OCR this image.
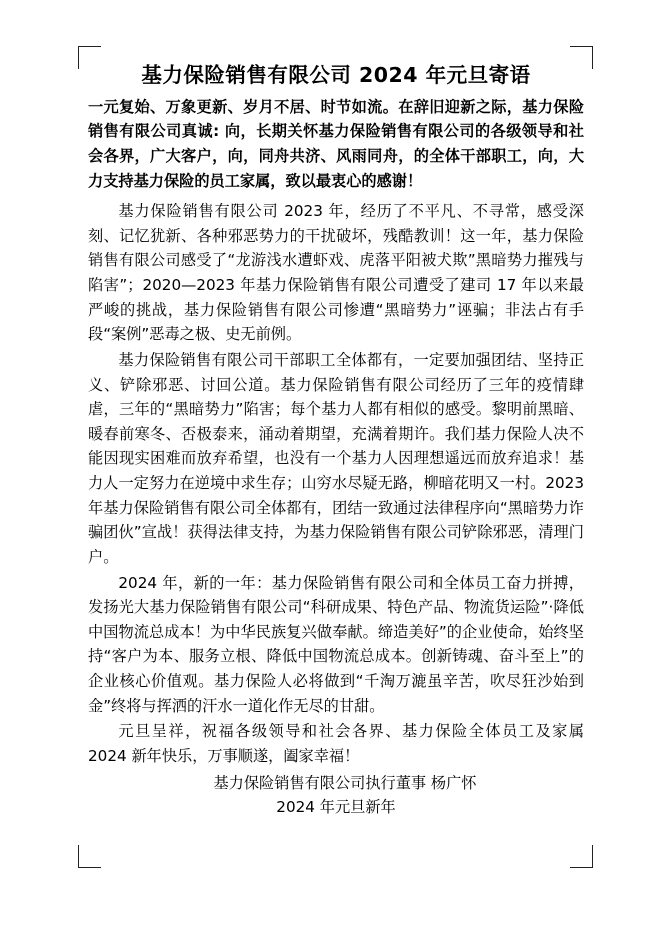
基力保险销售有限公司 2024 年元旦寄语
一元复始、万象更新、岁月不居、时节如流。在辞旧迎新之际，基力保险销售有限公司真诚: 向，长期关怀基力保险销售有限公司的各级领导和社会各界，广大客户，向，同舟共济、风雨同舟，的全体干部职工，向，大力支持基力保险的员工家属，致以最衷心的感谢！

基力保险销售有限公司 2023 年，经历了不平凡、不寻常，感受深刻、记忆犹新、各种邪恶势力的干扰破坏，残酷教训！这一年，基力保险销售有限公司感受了“龙游浅水遭虾戏、虎落平阳被犬欺”黑暗势力摧残与陷害”；2020—2023 年基力保险销售有限公司遭受了建司 17 年以来最严峻的挑战，基力保险销售有限公司惨遭“黑暗势力”诬骗；非法占有手段“案例”恶毒之极、史无前例。

基力保险销售有限公司干部职工全体都有，一定要加强团结、坚持正义、铲除邪恶、讨回公道。基力保险销售有限公司经历了三年的疫情肆虐，三年的“黑暗势力”陷害；每个基力人都有相似的感受。黎明前黑暗、暖春前寒冬、否极泰来，涌动着期望，充满着期许。我们基力保险人决不能因现实困难而放弃希望，也没有一个基力人因理想遥远而放弃追求！基力人一定努力在逆境中求生存；山穷水尽疑无路，柳暗花明又一村。2023 年基力保险销售有限公司全体都有，团结一致通过法律程序向“黑暗势力诈骗团伙”宣战！获得法律支持，为基力保险销售有限公司铲除邪恶，清理门户。

2024 年，新的一年：基力保险销售有限公司和全体员工奋力拼搏，发扬光大基力保险销售有限公司“科研成果、特色产品、物流货运险”·降低中国物流总成本！为中华民族复兴做奉献。缔造美好”的企业使命，始终坚持“客户为本、服务立根、降低中国物流总成本。创新铸魂、奋斗至上”的企业核心价值观。基力保险人必将做到“千淘万漉虽辛苦，吹尽狂沙始到金”终将与挥洒的汗水一道化作无尽的甘甜。

元旦呈祥，祝福各级领导和社会各界、基力保险全体员工及家属 2024 新年快乐，万事顺遂，阖家幸福！

基力保险销售有限公司执行董事 杨广怀
2024 年元旦新年
